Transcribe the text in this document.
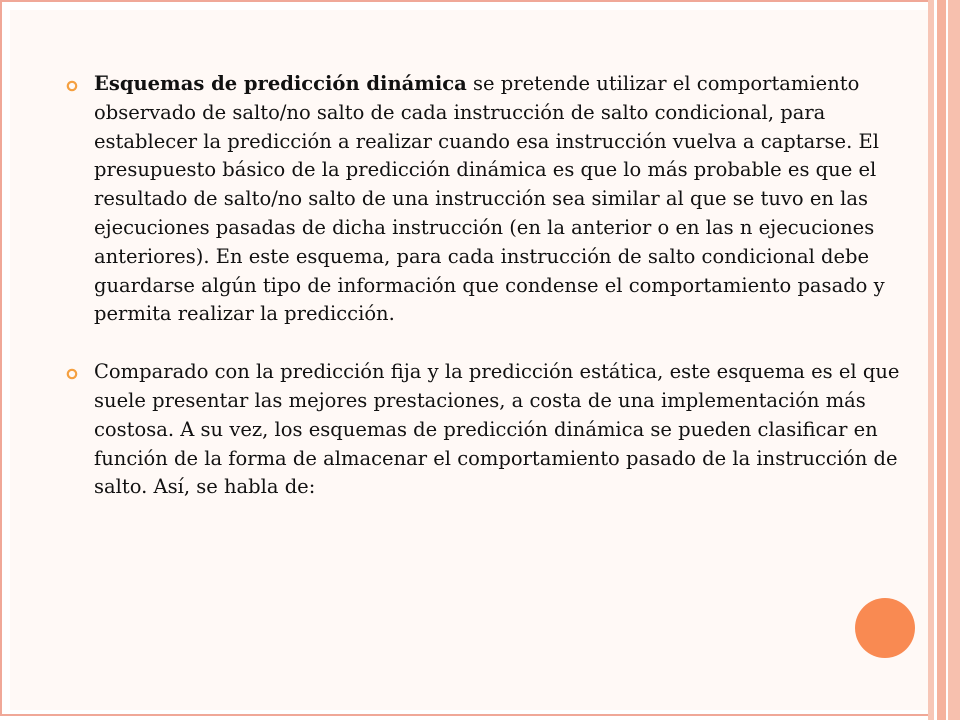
Esquemas de predicción dinámica se pretende utilizar el comportamiento observado de salto/no salto de cada instrucción de salto condicional, para establecer la predicción a realizar cuando esa instrucción vuelva a captarse. El presupuesto básico de la predicción dinámica es que lo más probable es que el resultado de salto/no salto de una instrucción sea similar al que se tuvo en las ejecuciones pasadas de dicha instrucción (en la anterior o en las n ejecuciones anteriores). En este esquema, para cada instrucción de salto condicional debe guardarse algún tipo de información que condense el comportamiento pasado y permita realizar la predicción.
Comparado con la predicción fija y la predicción estática, este esquema es el que suele presentar las mejores prestaciones, a costa de una implementación más costosa. A su vez, los esquemas de predicción dinámica se pueden clasificar en función de la forma de almacenar el comportamiento pasado de la instrucción de salto. Así, se habla de:
